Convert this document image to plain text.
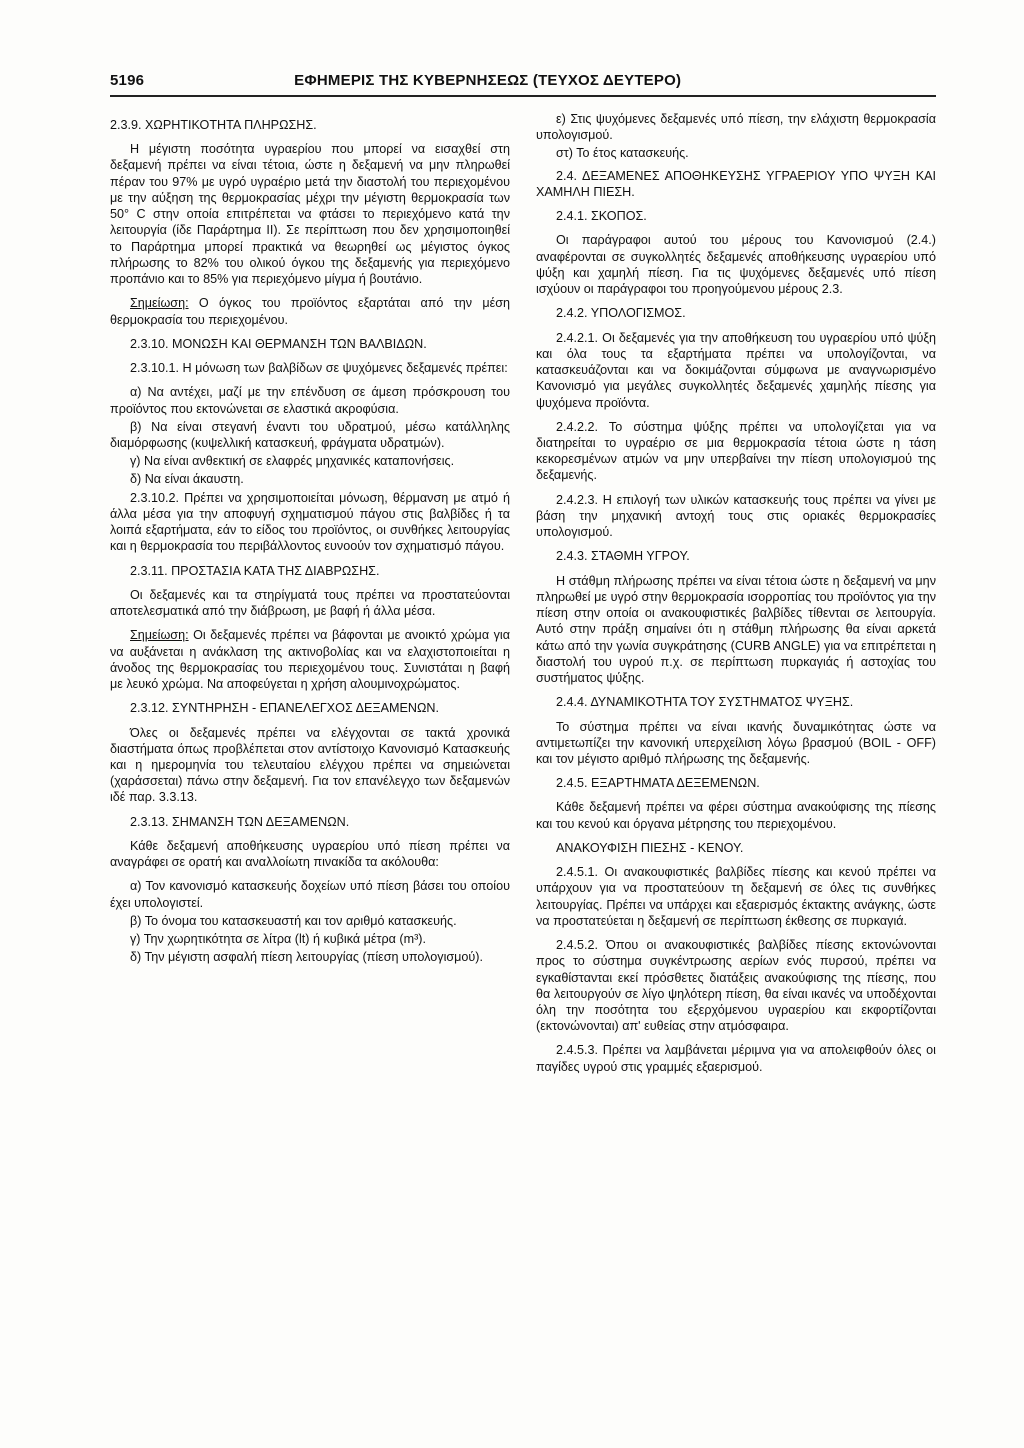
5196	ΕΦΗΜΕΡΙΣ ΤΗΣ ΚΥΒΕΡΝΗΣΕΩΣ (ΤΕΥΧΟΣ ΔΕΥΤΕΡΟ)

2.3.9. ΧΩΡΗΤΙΚΟΤΗΤΑ ΠΛΗΡΩΣΗΣ.

Η μέγιστη ποσότητα υγραερίου που μπορεί να εισαχθεί στη δεξαμενή πρέπει να είναι τέτοια, ώστε η δεξαμενή να μην πληρωθεί πέραν του 97% με υγρό υγραέριο μετά την διαστολή του περιεχομένου με την αύξηση της θερμοκρασίας μέχρι την μέγιστη θερμοκρασία των 50° C στην οποία επιτρέπεται να φτάσει το περιεχόμενο κατά την λειτουργία (ίδε Παράρτημα II). Σε περίπτωση που δεν χρησιμοποιηθεί το Παράρτημα μπορεί πρακτικά να θεωρηθεί ως μέγιστος όγκος πλήρωσης το 82% του ολικού όγκου της δεξαμενής για περιεχόμενο προπάνιο και το 85% για περιεχόμενο μίγμα ή βουτάνιο.

Σημείωση: Ο όγκος του προϊόντος εξαρτάται από την μέση θερμοκρασία του περιεχομένου.

2.3.10. ΜΟΝΩΣΗ ΚΑΙ ΘΕΡΜΑΝΣΗ ΤΩΝ ΒΑΛΒΙΔΩΝ.

2.3.10.1. Η μόνωση των βαλβίδων σε ψυχόμενες δεξαμενές πρέπει:

α) Να αντέχει, μαζί με την επένδυση σε άμεση πρόσκρουση του προϊόντος που εκτονώνεται σε ελαστικά ακροφύσια.

β) Να είναι στεγανή έναντι του υδρατμού, μέσω κατάλληλης διαμόρφωσης (κυψελλική κατασκευή, φράγματα υδρατμών).

γ) Να είναι ανθεκτική σε ελαφρές μηχανικές καταπονήσεις.

δ) Να είναι άκαυστη.

2.3.10.2. Πρέπει να χρησιμοποιείται μόνωση, θέρμανση με ατμό ή άλλα μέσα για την αποφυγή σχηματισμού πάγου στις βαλβίδες ή τα λοιπά εξαρτήματα, εάν το είδος του προϊόντος, οι συνθήκες λειτουργίας και η θερμοκρασία του περιβάλλοντος ευνοούν τον σχηματισμό πάγου.

2.3.11. ΠΡΟΣΤΑΣΙΑ ΚΑΤΑ ΤΗΣ ΔΙΑΒΡΩΣΗΣ.

Οι δεξαμενές και τα στηρίγματά τους πρέπει να προστατεύονται αποτελεσματικά από την διάβρωση, με βαφή ή άλλα μέσα.

Σημείωση: Οι δεξαμενές πρέπει να βάφονται με ανοικτό χρώμα για να αυξάνεται η ανάκλαση της ακτινοβολίας και να ελαχιστοποιείται η άνοδος της θερμοκρασίας του περιεχομένου τους. Συνιστάται η βαφή με λευκό χρώμα. Να αποφεύγεται η χρήση αλουμινοχρώματος.

2.3.12. ΣΥΝΤΗΡΗΣΗ - ΕΠΑΝΕΛΕΓΧΟΣ ΔΕΞΑΜΕΝΩΝ.

Όλες οι δεξαμενές πρέπει να ελέγχονται σε τακτά χρονικά διαστήματα όπως προβλέπεται στον αντίστοιχο Κανονισμό Κατασκευής και η ημερομηνία του τελευταίου ελέγχου πρέπει να σημειώνεται (χαράσσεται) πάνω στην δεξαμενή. Για τον επανέλεγχο των δεξαμενών ιδέ παρ. 3.3.13.

2.3.13. ΣΗΜΑΝΣΗ ΤΩΝ ΔΕΞΑΜΕΝΩΝ.

Κάθε δεξαμενή αποθήκευσης υγραερίου υπό πίεση πρέπει να αναγράφει σε ορατή και αναλλοίωτη πινακίδα τα ακόλουθα:

α) Τον κανονισμό κατασκευής δοχείων υπό πίεση βάσει του οποίου έχει υπολογιστεί.

β) Το όνομα του κατασκευαστή και τον αριθμό κατασκευής.

γ) Την χωρητικότητα σε λίτρα (lt) ή κυβικά μέτρα (m³).

δ) Την μέγιστη ασφαλή πίεση λειτουργίας (πίεση υπολογισμού).

ε) Στις ψυχόμενες δεξαμενές υπό πίεση, την ελάχιστη θερμοκρασία υπολογισμού.

στ) Το έτος κατασκευής.

2.4. ΔΕΞΑΜΕΝΕΣ ΑΠΟΘΗΚΕΥΣΗΣ ΥΓΡΑΕΡΙΟΥ ΥΠΟ ΨΥΞΗ ΚΑΙ ΧΑΜΗΛΗ ΠΙΕΣΗ.

2.4.1. ΣΚΟΠΟΣ.

Οι παράγραφοι αυτού του μέρους του Κανονισμού (2.4.) αναφέρονται σε συγκολλητές δεξαμενές αποθήκευσης υγραερίου υπό ψύξη και χαμηλή πίεση. Για τις ψυχόμενες δεξαμενές υπό πίεση ισχύουν οι παράγραφοι του προηγούμενου μέρους 2.3.

2.4.2. ΥΠΟΛΟΓΙΣΜΟΣ.

2.4.2.1. Οι δεξαμενές για την αποθήκευση του υγραερίου υπό ψύξη και όλα τους τα εξαρτήματα πρέπει να υπολογίζονται, να κατασκευάζονται και να δοκιμάζονται σύμφωνα με αναγνωρισμένο Κανονισμό για μεγάλες συγκολλητές δεξαμενές χαμηλής πίεσης για ψυχόμενα προϊόντα.

2.4.2.2. Το σύστημα ψύξης πρέπει να υπολογίζεται για να διατηρείται το υγραέριο σε μια θερμοκρασία τέτοια ώστε η τάση κεκορεσμένων ατμών να μην υπερβαίνει την πίεση υπολογισμού της δεξαμενής.

2.4.2.3. Η επιλογή των υλικών κατασκευής τους πρέπει να γίνει με βάση την μηχανική αντοχή τους στις οριακές θερμοκρασίες υπολογισμού.

2.4.3. ΣΤΑΘΜΗ ΥΓΡΟΥ.

Η στάθμη πλήρωσης πρέπει να είναι τέτοια ώστε η δεξαμενή να μην πληρωθεί με υγρό στην θερμοκρασία ισορροπίας του προϊόντος για την πίεση στην οποία οι ανακουφιστικές βαλβίδες τίθενται σε λειτουργία. Αυτό στην πράξη σημαίνει ότι η στάθμη πλήρωσης θα είναι αρκετά κάτω από την γωνία συγκράτησης (CURB ANGLE) για να επιτρέπεται η διαστολή του υγρού π.χ. σε περίπτωση πυρκαγιάς ή αστοχίας του συστήματος ψύξης.

2.4.4. ΔΥΝΑΜΙΚΟΤΗΤΑ ΤΟΥ ΣΥΣΤΗΜΑΤΟΣ ΨΥΞΗΣ.

Το σύστημα πρέπει να είναι ικανής δυναμικότητας ώστε να αντιμετωπίζει την κανονική υπερχείλιση λόγω βρασμού (BOIL - OFF) και τον μέγιστο αριθμό πλήρωσης της δεξαμενής.

2.4.5. ΕΞΑΡΤΗΜΑΤΑ ΔΕΞΕΜΕΝΩΝ.

Κάθε δεξαμενή πρέπει να φέρει σύστημα ανακούφισης της πίεσης και του κενού και όργανα μέτρησης του περιεχομένου.

ΑΝΑΚΟΥΦΙΣΗ ΠΙΕΣΗΣ - ΚΕΝΟΥ.

2.4.5.1. Οι ανακουφιστικές βαλβίδες πίεσης και κενού πρέπει να υπάρχουν για να προστατεύουν τη δεξαμενή σε όλες τις συνθήκες λειτουργίας. Πρέπει να υπάρχει και εξαερισμός έκτακτης ανάγκης, ώστε να προστατεύεται η δεξαμενή σε περίπτωση έκθεσης σε πυρκαγιά.

2.4.5.2. Όπου οι ανακουφιστικές βαλβίδες πίεσης εκτονώνονται προς το σύστημα συγκέντρωσης αερίων ενός πυρσού, πρέπει να εγκαθίστανται εκεί πρόσθετες διατάξεις ανακούφισης της πίεσης, που θα λειτουργούν σε λίγο ψηλότερη πίεση, θα είναι ικανές να υποδέχονται όλη την ποσότητα του εξερχόμενου υγραερίου και εκφορτίζονται (εκτονώνονται) απ' ευθείας στην ατμόσφαιρα.

2.4.5.3. Πρέπει να λαμβάνεται μέριμνα για να απολειφθούν όλες οι παγίδες υγρού στις γραμμές εξαερισμού.
